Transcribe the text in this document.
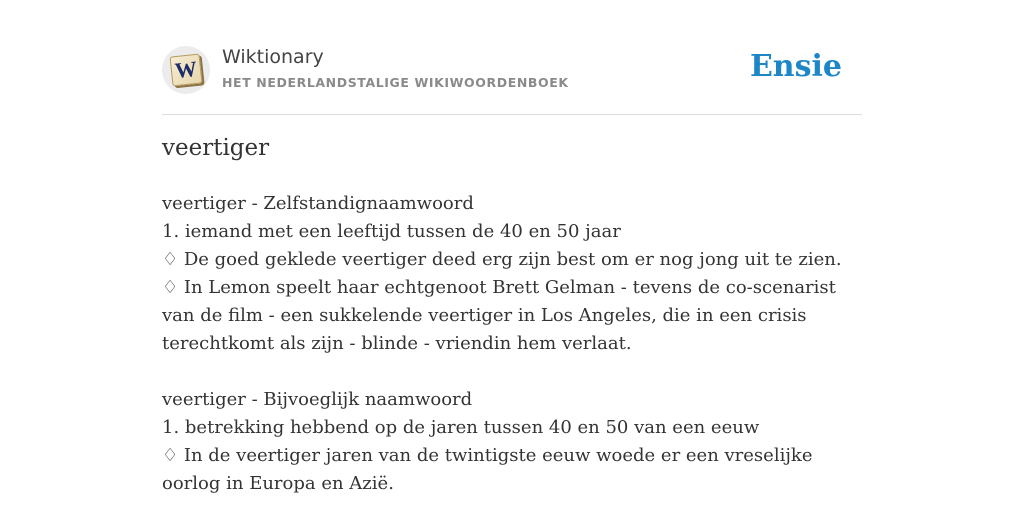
W Wiktionary
HET NEDERLANDSTALIGE WIKIWOORDENBOEK	Ensie
veertiger

veertiger - Zelfstandignaamwoord

1. iemand met een leeftijd tussen de 40 en 50 jaar

♢ De goed geklede veertiger deed erg zijn best om er nog jong uit te zien.

♢ In Lemon speelt haar echtgenoot Brett Gelman - tevens de co-scenarist van de film - een sukkelende veertiger in Los Angeles, die in een crisis terechtkomt als zijn - blinde - vriendin hem verlaat.

veertiger - Bijvoeglijk naamwoord

1. betrekking hebbend op de jaren tussen 40 en 50 van een eeuw

♢ In de veertiger jaren van de twintigste eeuw woede er een vreselijke oorlog in Europa en Azië.
